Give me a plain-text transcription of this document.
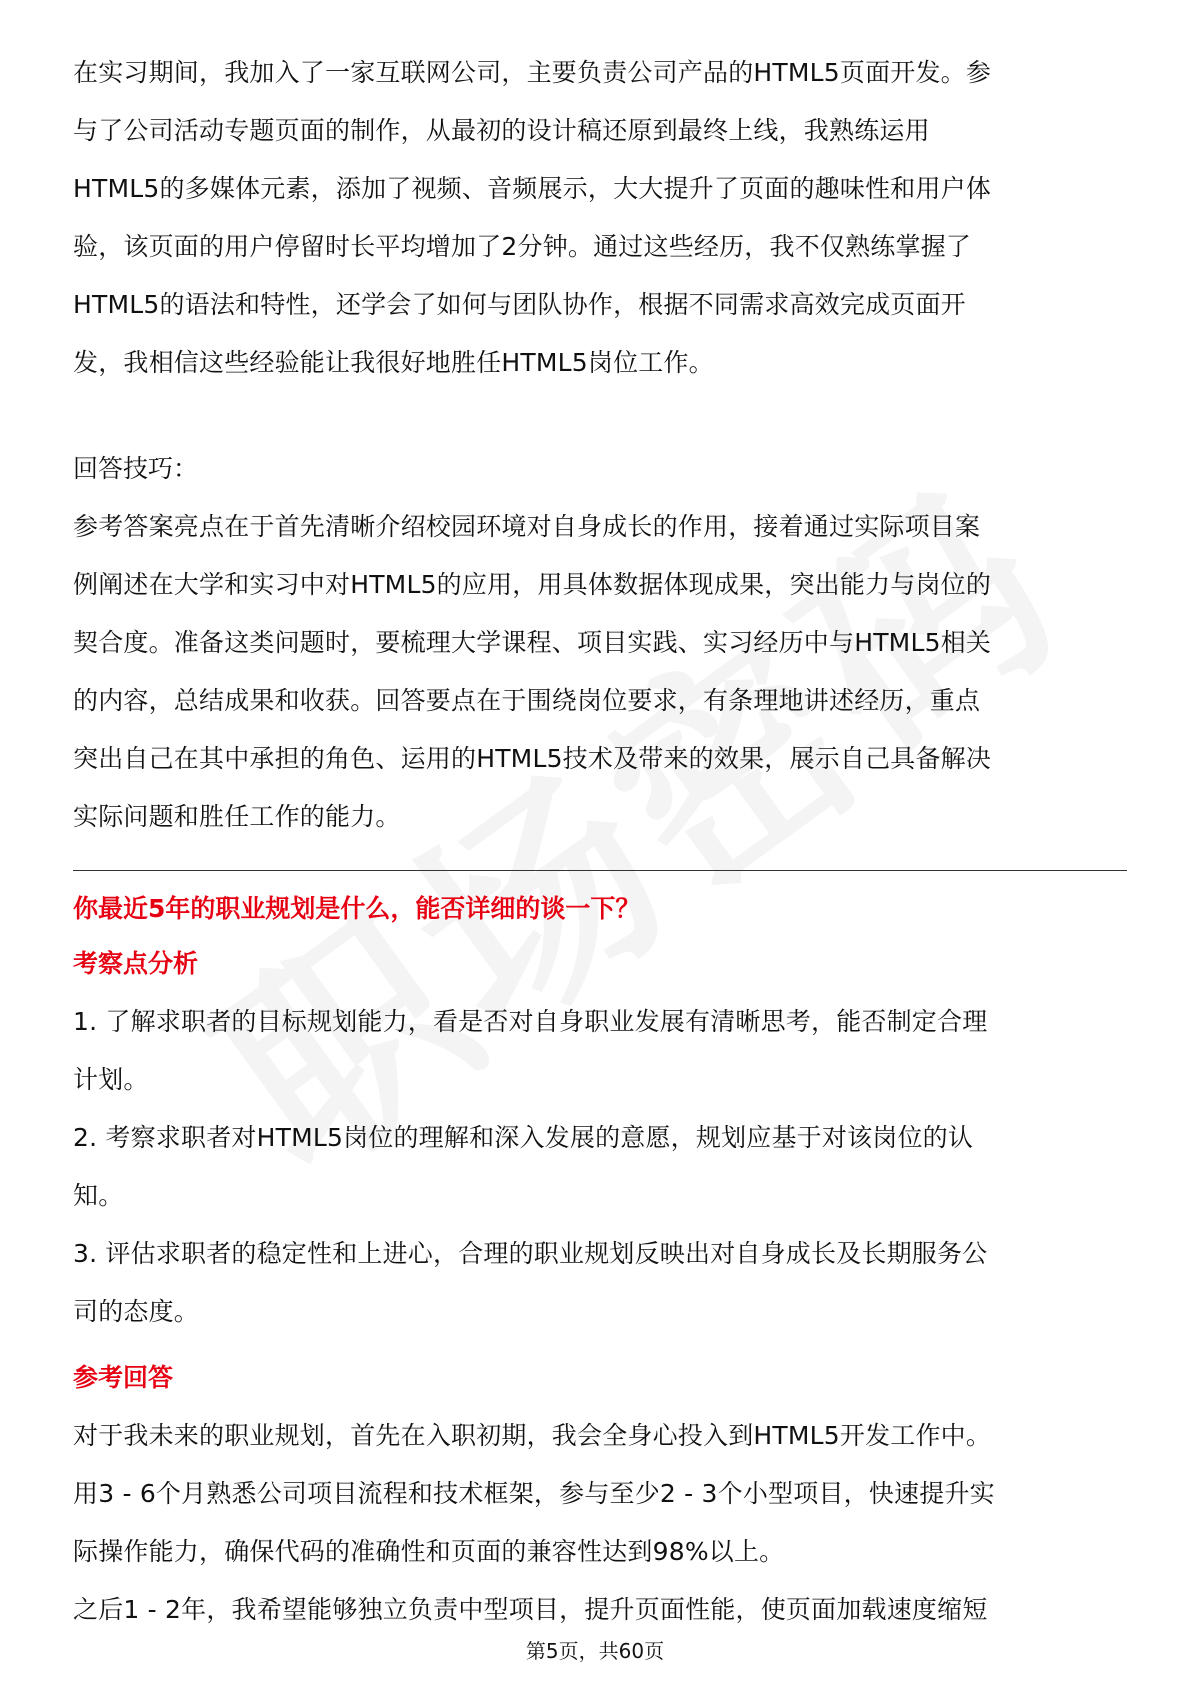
在实习期间，我加入了一家互联网公司，主要负责公司产品的HTML5页面开发。参

与了公司活动专题页面的制作，从最初的设计稿还原到最终上线，我熟练运用

HTML5的多媒体元素，添加了视频、音频展示，大大提升了页面的趣味性和用户体

验，该页面的用户停留时长平均增加了2分钟。通过这些经历，我不仅熟练掌握了

HTML5的语法和特性，还学会了如何与团队协作，根据不同需求高效完成页面开

发，我相信这些经验能让我很好地胜任HTML5岗位工作。

回答技巧：

参考答案亮点在于首先清晰介绍校园环境对自身成长的作用，接着通过实际项目案

例阐述在大学和实习中对HTML5的应用，用具体数据体现成果，突出能力与岗位的

契合度。准备这类问题时，要梳理大学课程、项目实践、实习经历中与HTML5相关

的内容，总结成果和收获。回答要点在于围绕岗位要求，有条理地讲述经历，重点

突出自己在其中承担的角色、运用的HTML5技术及带来的效果，展示自己具备解决

实际问题和胜任工作的能力。

你最近5年的职业规划是什么，能否详细的谈一下？

考察点分析

1. 了解求职者的目标规划能力，看是否对自身职业发展有清晰思考，能否制定合理

计划。

2. 考察求职者对HTML5岗位的理解和深入发展的意愿，规划应基于对该岗位的认

知。

3. 评估求职者的稳定性和上进心，合理的职业规划反映出对自身成长及长期服务公

司的态度。

参考回答

对于我未来的职业规划，首先在入职初期，我会全身心投入到HTML5开发工作中。

用3 - 6个月熟悉公司项目流程和技术框架，参与至少2 - 3个小型项目，快速提升实

际操作能力，确保代码的准确性和页面的兼容性达到98%以上。

之后1 - 2年，我希望能够独立负责中型项目，提升页面性能，使页面加载速度缩短

第5页，共60页
